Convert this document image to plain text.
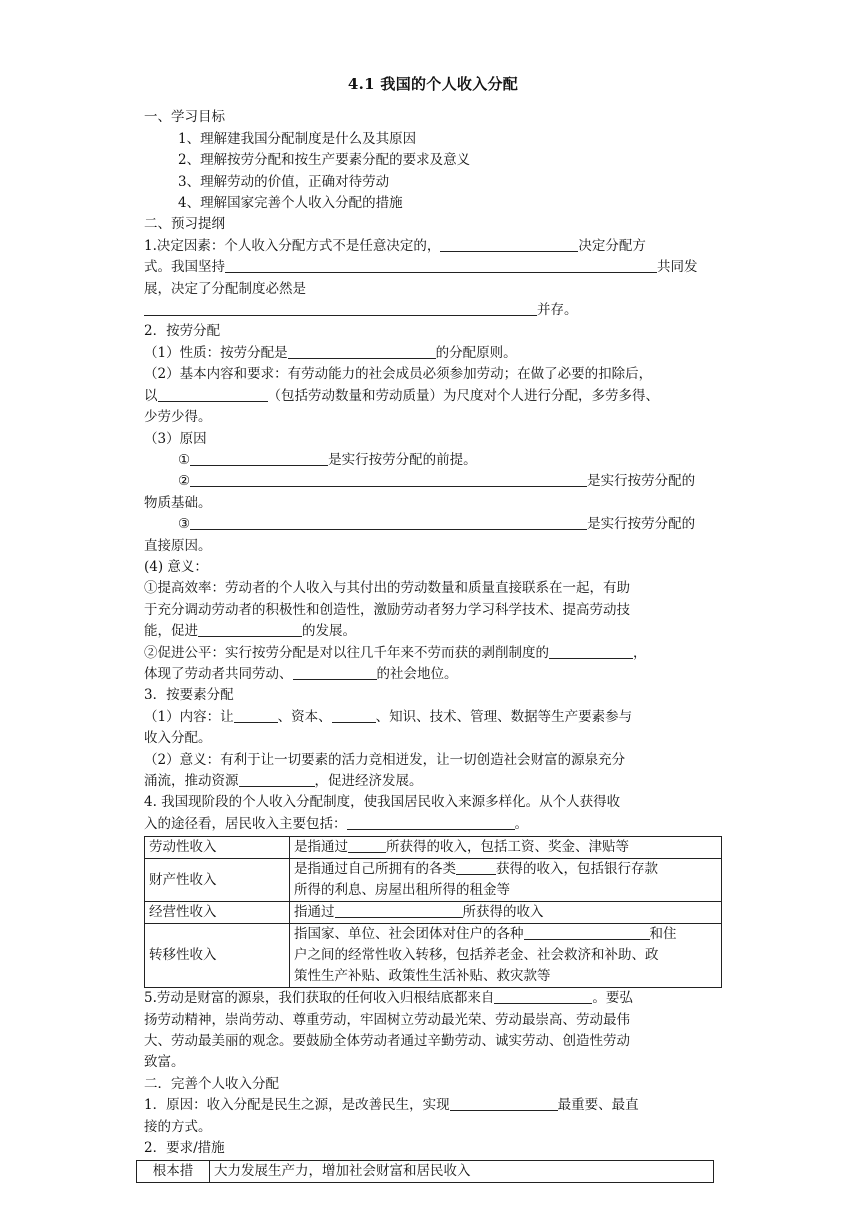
4.1 我国的个人收入分配

一、学习目标

1、理解建我国分配制度是什么及其原因

2、理解按劳分配和按生产要素分配的要求及意义

3、理解劳动的价值，正确对待劳动

4、理解国家完善个人收入分配的措施

二、预习提纲

1.决定因素：个人收入分配方式不是任意决定的，	决定分配方

式。我国坚持	共同发

展，决定了分配制度必然是

并存。

2．按劳分配

（1）性质：按劳分配是	的分配原则。

（2）基本内容和要求：有劳动能力的社会成员必须参加劳动；在做了必要的扣除后，

以	（包括劳动数量和劳动质量）为尺度对个人进行分配，多劳多得、

少劳少得。

（3）原因

①	是实行按劳分配的前提。

②	是实行按劳分配的

物质基础。

③	是实行按劳分配的

直接原因。

(4) 意义：

①提高效率：劳动者的个人收入与其付出的劳动数量和质量直接联系在一起，有助

于充分调动劳动者的积极性和创造性，激励劳动者努力学习科学技术、提高劳动技

能，促进	的发展。

②促进公平：实行按劳分配是对以往几千年来不劳而获的剥削制度的	，

体现了劳动者共同劳动、	的社会地位。

3．按要素分配

（1）内容：让	、资本、	、知识、技术、管理、数据等生产要素参与

收入分配。

（2）意义：有利于让一切要素的活力竞相迸发，让一切创造社会财富的源泉充分

涌流，推动资源	，促进经济发展。

4. 我国现阶段的个人收入分配制度，使我国居民收入来源多样化。从个人获得收

入的途径看，居民收入主要包括：	。

劳动性收入	是指通过 所获得的收入，包括工资、奖金、津贴等
财产性收入	是指通过自己所拥有的各类 获得的收入，包括银行存款
所得的利息、房屋出租所得的租金等
经营性收入	指通过 所获得的收入
转移性收入	指国家、单位、社会团体对住户的各种 和住
户之间的经常性收入转移，包括养老金、社会救济和补助、政
策性生产补贴、政策性生活补贴、救灾款等

5.劳动是财富的源泉，我们获取的任何收入归根结底都来自	。要弘

扬劳动精神，崇尚劳动、尊重劳动，牢固树立劳动最光荣、劳动最崇高、劳动最伟

大、劳动最美丽的观念。要鼓励全体劳动者通过辛勤劳动、诚实劳动、创造性劳动

致富。

二．完善个人收入分配

1．原因：收入分配是民生之源，是改善民生，实现	最重要、最直

接的方式。

2．要求/措施

根本措	大力发展生产力，增加社会财富和居民收入
